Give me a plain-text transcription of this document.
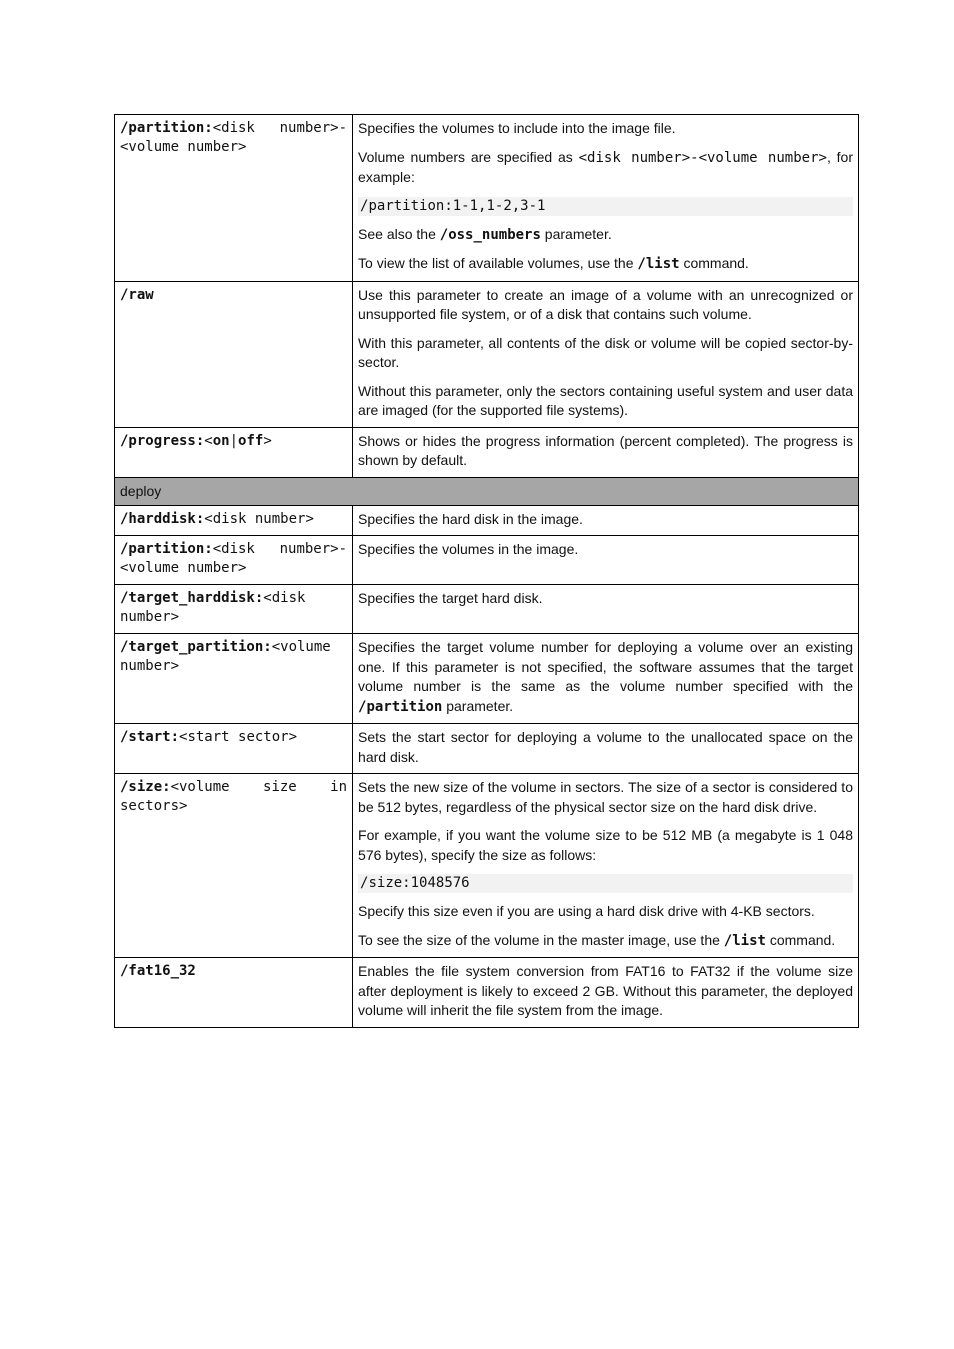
/partition:<disk number>-<volume number>	Specifies the volumes to include into the image file.

Volume numbers are specified as <disk number>-<volume number>, for example:

/partition:1-1,1-2,3-1

See also the /oss_numbers parameter.

To view the list of available volumes, use the /list command.

/raw	Use this parameter to create an image of a volume with an unrecognized or unsupported file system, or of a disk that contains such volume.

With this parameter, all contents of the disk or volume will be copied sector-by-sector.

Without this parameter, only the sectors containing useful system and user data are imaged (for the supported file systems).

/progress:<on|off>	Shows or hides the progress information (percent completed). The progress is shown by default.

deploy	
/harddisk:<disk number>	Specifies the hard disk in the image.

/partition:<disk number>-<volume number>	Specifies the volumes in the image.

/target_harddisk:<disk number>	Specifies the target hard disk.

/target_partition:<volume number>	Specifies the target volume number for deploying a volume over an existing one. If this parameter is not specified, the software assumes that the target volume number is the same as the volume number specified with the /partition parameter.

/start:<start sector>	Sets the start sector for deploying a volume to the unallocated space on the hard disk.

/size:<volume size in sectors>	Sets the new size of the volume in sectors. The size of a sector is considered to be 512 bytes, regardless of the physical sector size on the hard disk drive.

For example, if you want the volume size to be 512 MB (a megabyte is 1 048 576 bytes), specify the size as follows:

/size:1048576

Specify this size even if you are using a hard disk drive with 4-KB sectors.

To see the size of the volume in the master image, use the /list command.

/fat16_32	Enables the file system conversion from FAT16 to FAT32 if the volume size after deployment is likely to exceed 2 GB. Without this parameter, the deployed volume will inherit the file system from the image.
